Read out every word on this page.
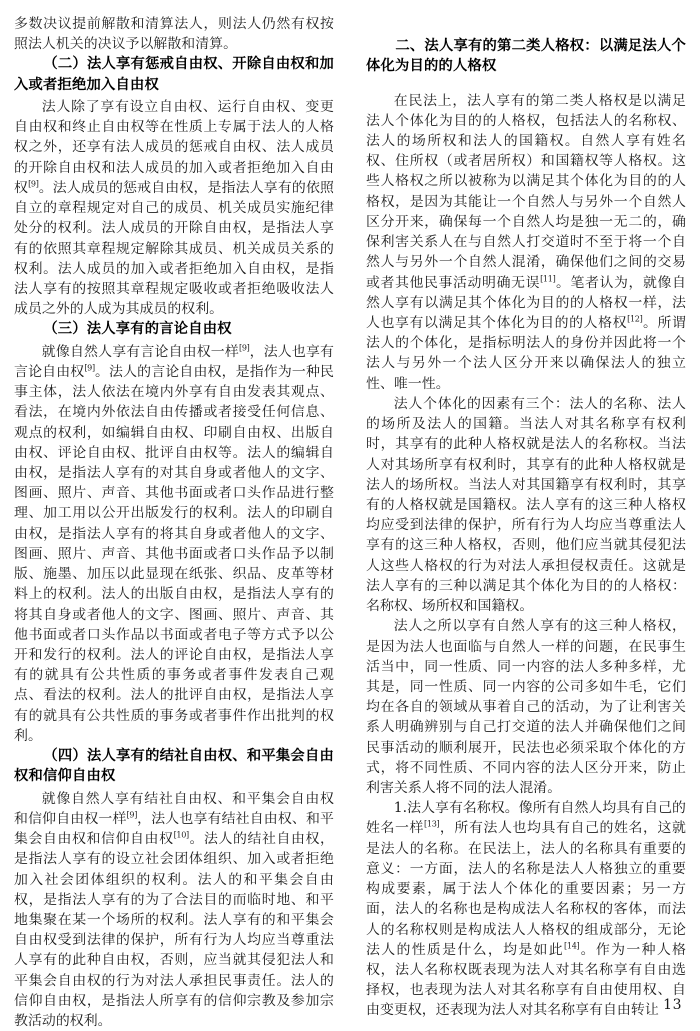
多数决议提前解散和清算法人，则法人仍然有权按照法人机关的决议予以解散和清算。

（二）法人享有惩戒自由权、开除自由权和加入或者拒绝加入自由权

法人除了享有设立自由权、运行自由权、变更自由权和终止自由权等在性质上专属于法人的人格权之外，还享有法人成员的惩戒自由权、法人成员的开除自由权和法人成员的加入或者拒绝加入自由权[9]。法人成员的惩戒自由权，是指法人享有的依照自立的章程规定对自己的成员、机关成员实施纪律处分的权利。法人成员的开除自由权，是指法人享有的依照其章程规定解除其成员、机关成员关系的权利。法人成员的加入或者拒绝加入自由权，是指法人享有的按照其章程规定吸收或者拒绝吸收法人成员之外的人成为其成员的权利。

（三）法人享有的言论自由权

就像自然人享有言论自由权一样[9]，法人也享有言论自由权[9]。法人的言论自由权，是指作为一种民事主体，法人依法在境内外享有自由发表其观点、看法，在境内外依法自由传播或者接受任何信息、观点的权利，如编辑自由权、印刷自由权、出版自由权、评论自由权、批评自由权等。法人的编辑自由权，是指法人享有的对其自身或者他人的文字、图画、照片、声音、其他书面或者口头作品进行整理、加工用以公开出版发行的权利。法人的印刷自由权，是指法人享有的将其自身或者他人的文字、图画、照片、声音、其他书面或者口头作品予以制版、施墨、加压以此显现在纸张、织品、皮革等材料上的权利。法人的出版自由权，是指法人享有的将其自身或者他人的文字、图画、照片、声音、其他书面或者口头作品以书面或者电子等方式予以公开和发行的权利。法人的评论自由权，是指法人享有的就具有公共性质的事务或者事件发表自己观点、看法的权利。法人的批评自由权，是指法人享有的就具有公共性质的事务或者事件作出批判的权利。

（四）法人享有的结社自由权、和平集会自由权和信仰自由权

就像自然人享有结社自由权、和平集会自由权和信仰自由权一样[9]，法人也享有结社自由权、和平集会自由权和信仰自由权[10]。法人的结社自由权，是指法人享有的设立社会团体组织、加入或者拒绝加入社会团体组织的权利。法人的和平集会自由权，是指法人享有的为了合法目的而临时地、和平地集聚在某一个场所的权利。法人享有的和平集会自由权受到法律的保护，所有行为人均应当尊重法人享有的此种自由权，否则，应当就其侵犯法人和平集会自由权的行为对法人承担民事责任。法人的信仰自由权，是指法人所享有的信仰宗教及参加宗教活动的权利。

二、法人享有的第二类人格权：以满足法人个体化为目的的人格权

在民法上，法人享有的第二类人格权是以满足法人个体化为目的的人格权，包括法人的名称权、法人的场所权和法人的国籍权。自然人享有姓名权、住所权（或者居所权）和国籍权等人格权。这些人格权之所以被称为以满足其个体化为目的的人格权，是因为其能让一个自然人与另外一个自然人区分开来，确保每一个自然人均是独一无二的，确保利害关系人在与自然人打交道时不至于将一个自然人与另外一个自然人混淆，确保他们之间的交易或者其他民事活动明确无误[11]。笔者认为，就像自然人享有以满足其个体化为目的的人格权一样，法人也享有以满足其个体化为目的的人格权[12]。所谓法人的个体化，是指标明法人的身份并因此将一个法人与另外一个法人区分开来以确保法人的独立性、唯一性。

法人个体化的因素有三个：法人的名称、法人的场所及法人的国籍。当法人对其名称享有权利时，其享有的此种人格权就是法人的名称权。当法人对其场所享有权利时，其享有的此种人格权就是法人的场所权。当法人对其国籍享有权利时，其享有的人格权就是国籍权。法人享有的这三种人格权均应受到法律的保护，所有行为人均应当尊重法人享有的这三种人格权，否则，他们应当就其侵犯法人这些人格权的行为对法人承担侵权责任。这就是法人享有的三种以满足其个体化为目的的人格权：名称权、场所权和国籍权。

法人之所以享有自然人享有的这三种人格权，是因为法人也面临与自然人一样的问题，在民事生活当中，同一性质、同一内容的法人多种多样，尤其是，同一性质、同一内容的公司多如牛毛，它们均在各自的领域从事着自己的活动，为了让利害关系人明确辨别与自己打交道的法人并确保他们之间民事活动的顺利展开，民法也必须采取个体化的方式，将不同性质、不同内容的法人区分开来，防止利害关系人将不同的法人混淆。

1.法人享有名称权。像所有自然人均具有自己的姓名一样[13]，所有法人也均具有自己的姓名，这就是法人的名称。在民法上，法人的名称具有重要的意义：一方面，法人的名称是法人人格独立的重要构成要素，属于法人个体化的重要因素；另一方面，法人的名称也是构成法人名称权的客体，而法人的名称权则是构成法人人格权的组成部分，无论法人的性质是什么，均是如此[14]。作为一种人格权，法人名称权既表现为法人对其名称享有自由选择权，也表现为法人对其名称享有自由使用权、自由变更权，还表现为法人对其名称享有自由转让 13
